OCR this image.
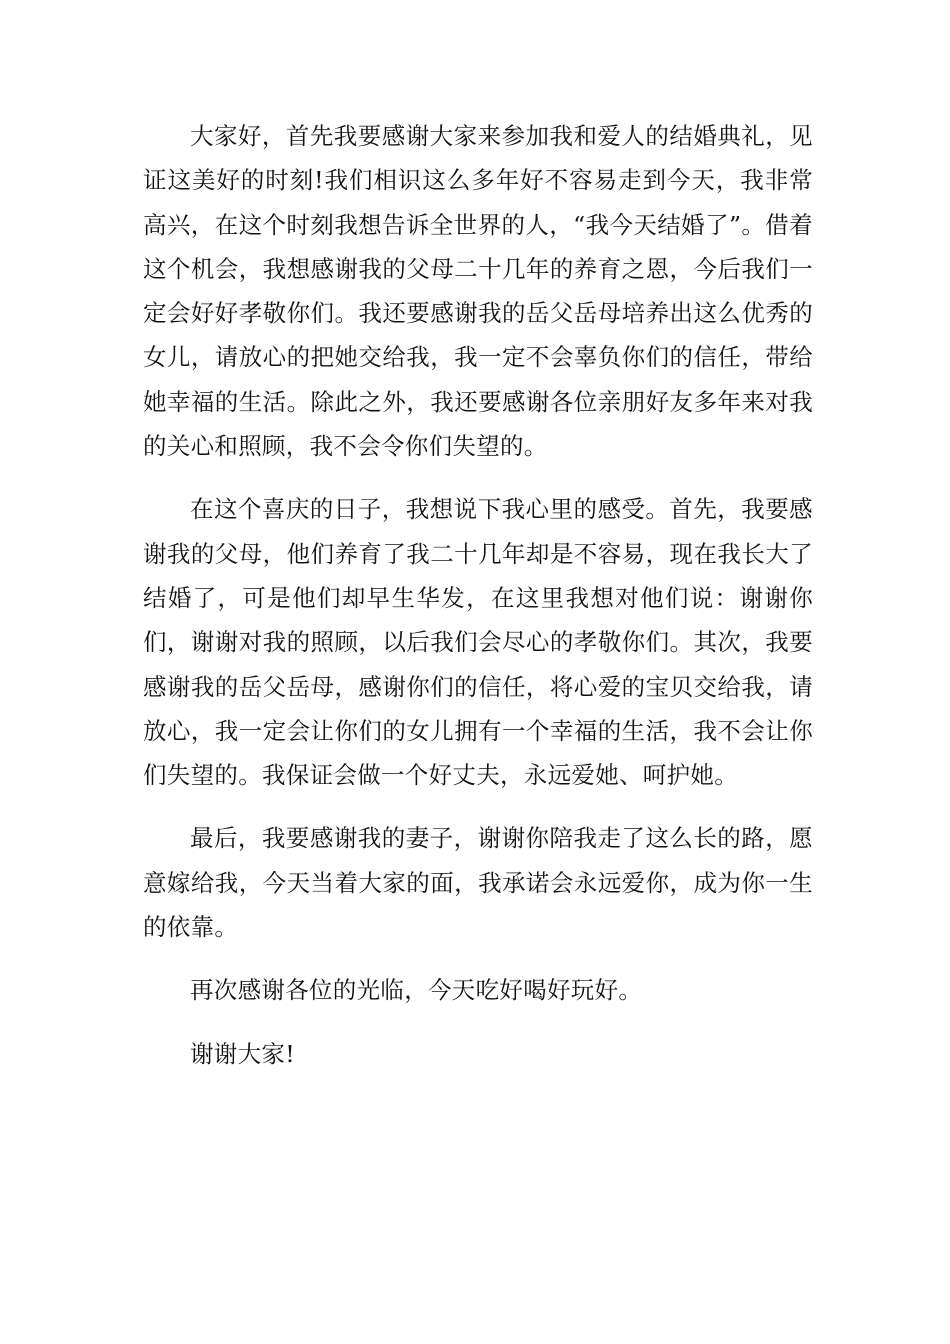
大家好，首先我要感谢大家来参加我和爱人的结婚典礼，见证这美好的时刻!我们相识这么多年好不容易走到今天，我非常高兴，在这个时刻我想告诉全世界的人，“我今天结婚了”。借着这个机会，我想感谢我的父母二十几年的养育之恩，今后我们一定会好好孝敬你们。我还要感谢我的岳父岳母培养出这么优秀的女儿，请放心的把她交给我，我一定不会辜负你们的信任，带给她幸福的生活。除此之外，我还要感谢各位亲朋好友多年来对我的关心和照顾，我不会令你们失望的。

在这个喜庆的日子，我想说下我心里的感受。首先，我要感谢我的父母，他们养育了我二十几年却是不容易，现在我长大了结婚了，可是他们却早生华发，在这里我想对他们说：谢谢你们，谢谢对我的照顾，以后我们会尽心的孝敬你们。其次，我要感谢我的岳父岳母，感谢你们的信任，将心爱的宝贝交给我，请放心，我一定会让你们的女儿拥有一个幸福的生活，我不会让你们失望的。我保证会做一个好丈夫，永远爱她、呵护她。

最后，我要感谢我的妻子，谢谢你陪我走了这么长的路，愿意嫁给我，今天当着大家的面，我承诺会永远爱你，成为你一生的依靠。

再次感谢各位的光临，今天吃好喝好玩好。

谢谢大家!
